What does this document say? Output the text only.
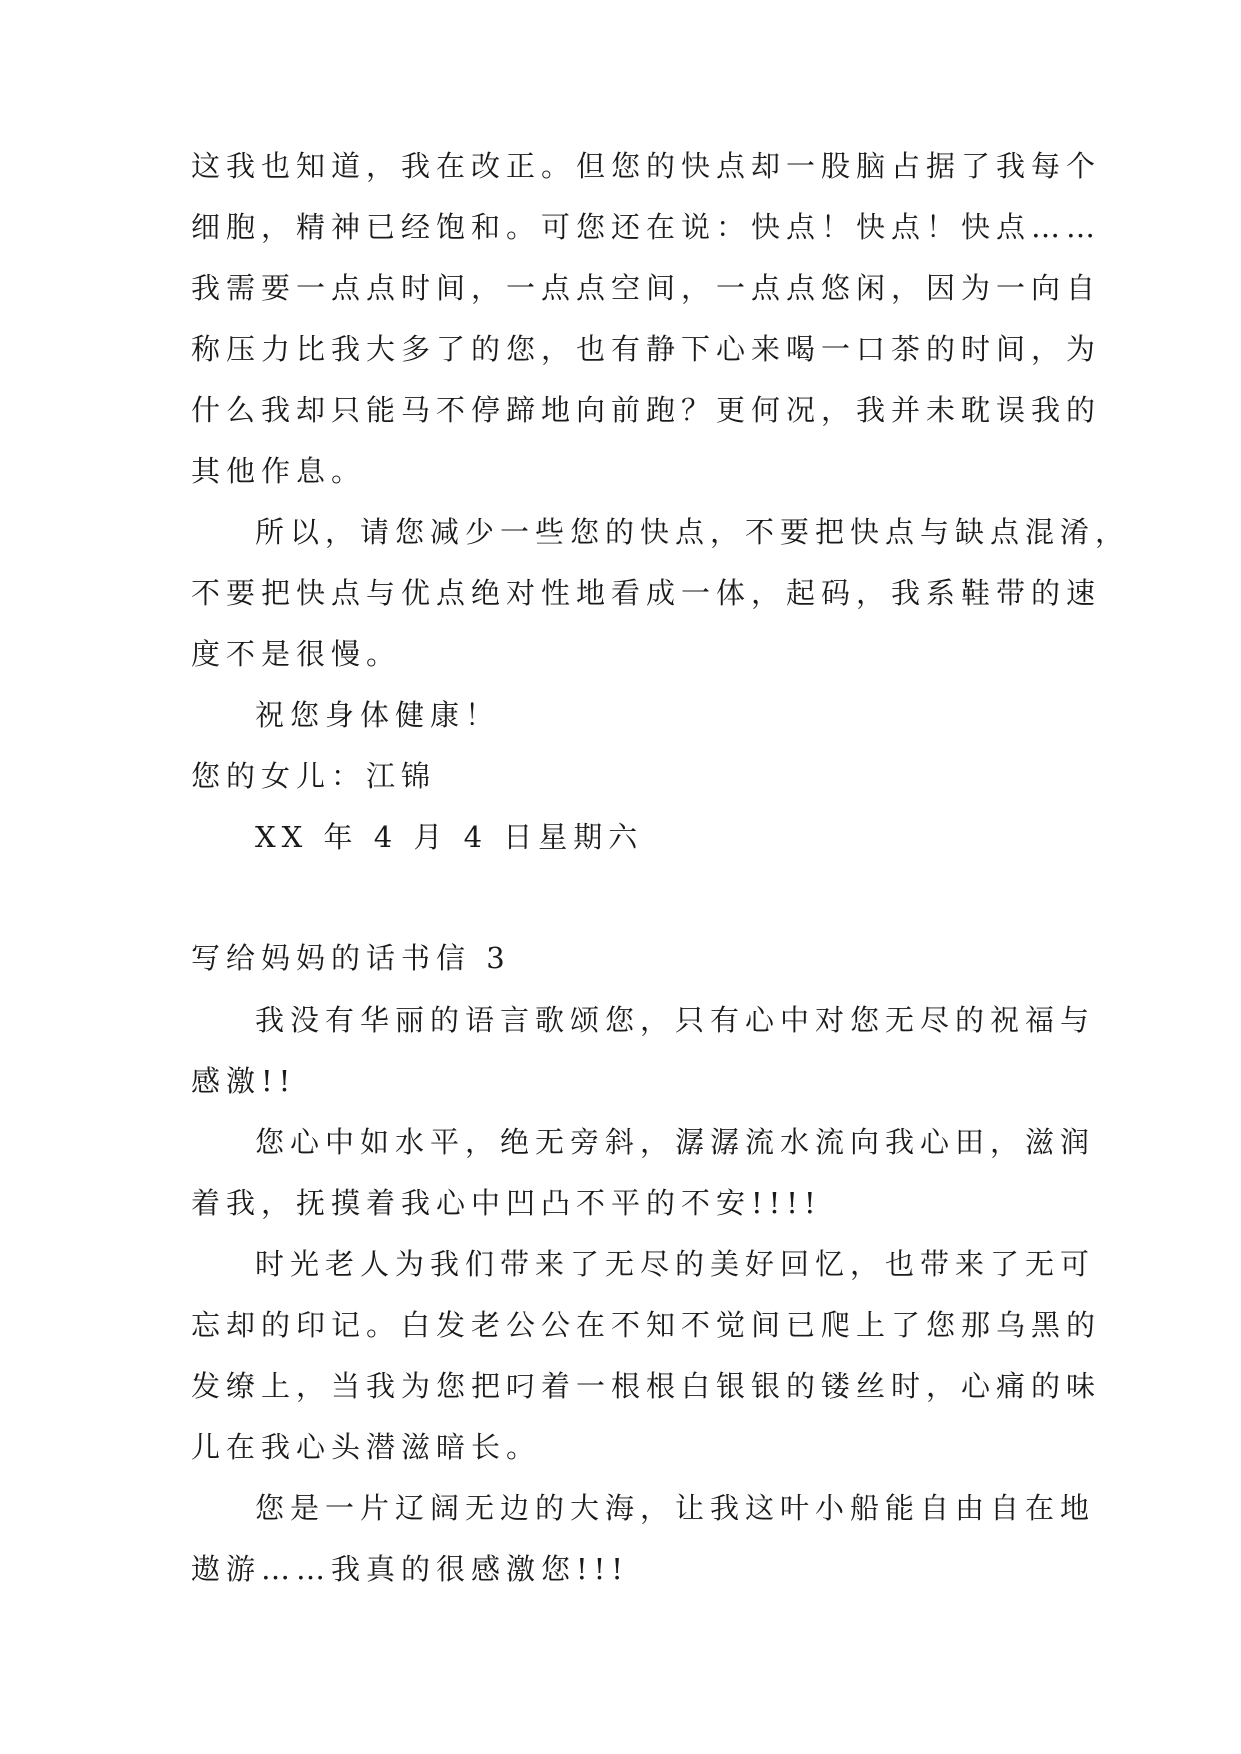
这我也知道，我在改正。但您的快点却一股脑占据了我每个

细胞，精神已经饱和。可您还在说：快点！快点！快点……

我需要一点点时间，一点点空间，一点点悠闲，因为一向自

称压力比我大多了的您，也有静下心来喝一口茶的时间，为

什么我却只能马不停蹄地向前跑？更何况，我并未耽误我的

其他作息。

所以，请您减少一些您的快点，不要把快点与缺点混淆，

不要把快点与优点绝对性地看成一体，起码，我系鞋带的速

度不是很慢。

祝您身体健康！
您的女儿：江锦
XX 年 4 月 4 日星期六
写给妈妈的话书信 3

我没有华丽的语言歌颂您，只有心中对您无尽的祝福与

感激!!

您心中如水平，绝无旁斜，潺潺流水流向我心田，滋润

着我，抚摸着我心中凹凸不平的不安!!!!

时光老人为我们带来了无尽的美好回忆，也带来了无可

忘却的印记。白发老公公在不知不觉间已爬上了您那乌黑的

发缭上，当我为您把叼着一根根白银银的镂丝时，心痛的味

儿在我心头潜滋暗长。

您是一片辽阔无边的大海，让我这叶小船能自由自在地

遨游……我真的很感激您!!!
